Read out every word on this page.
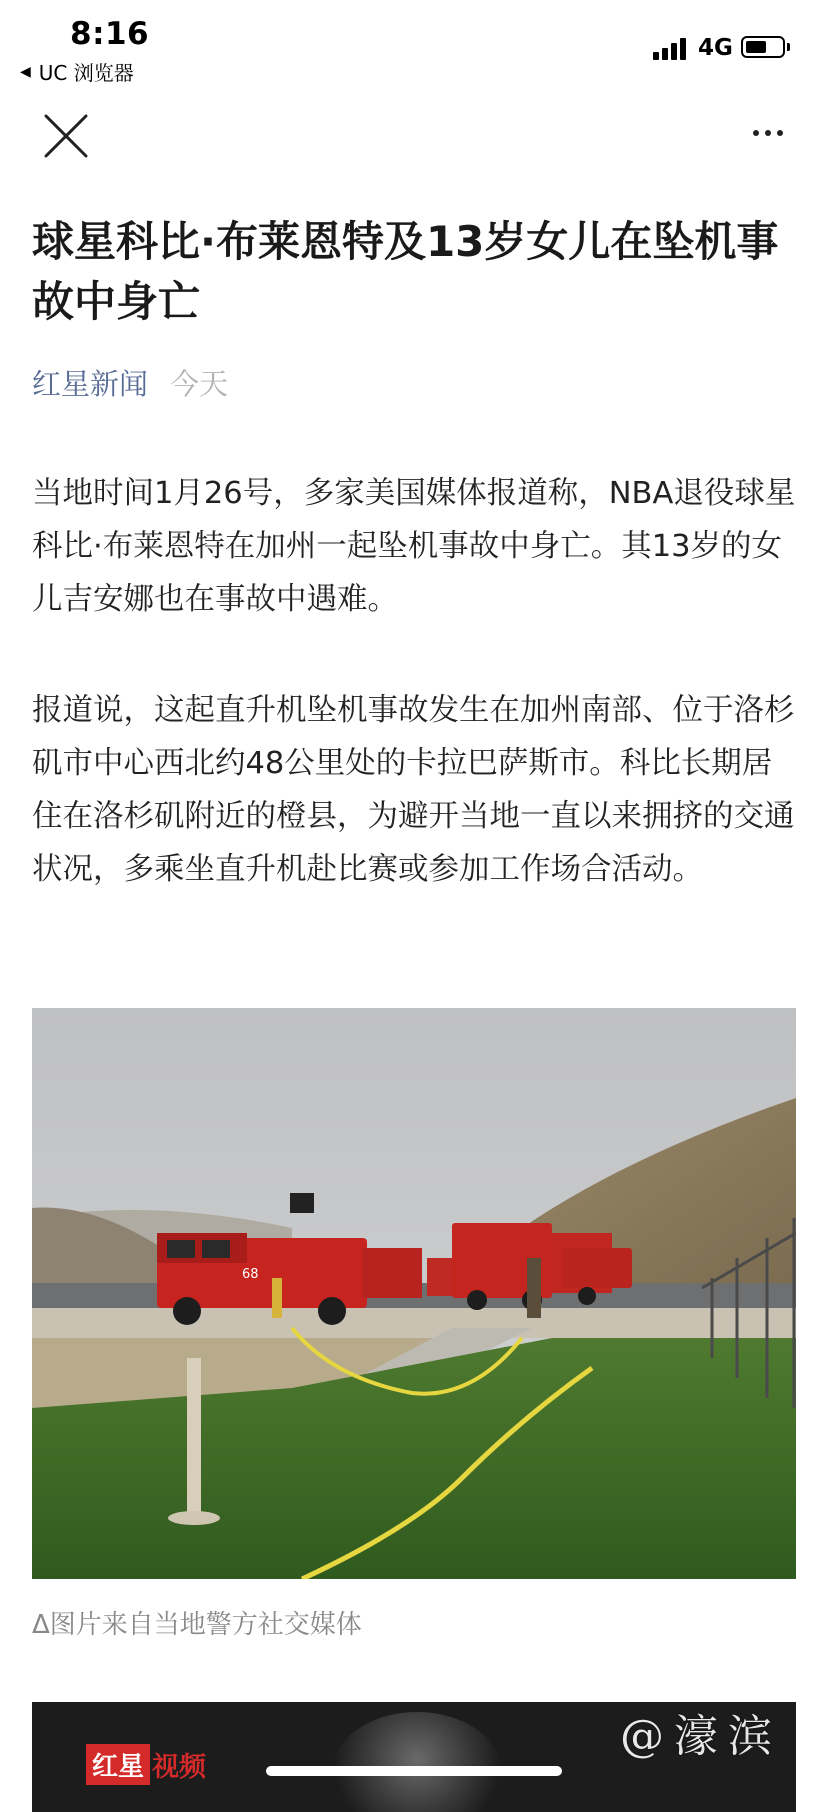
8:16
◀ UC 浏览器
4G
球星科比·布莱恩特及13岁女儿在坠机事故中身亡
红星新闻 今天

当地时间1月26号，多家美国媒体报道称，NBA退役球星科比·布莱恩特在加州一起坠机事故中身亡。其13岁的女儿吉安娜也在事故中遇难。

报道说，这起直升机坠机事故发生在加州南部、位于洛杉矶市中心西北约48公里处的卡拉巴萨斯市。科比长期居住在洛杉矶附近的橙县，为避开当地一直以来拥挤的交通状况，多乘坐直升机赴比赛或参加工作场合活动。

68
Δ图片来自当地警方社交媒体
红星 视频
@濠滨
